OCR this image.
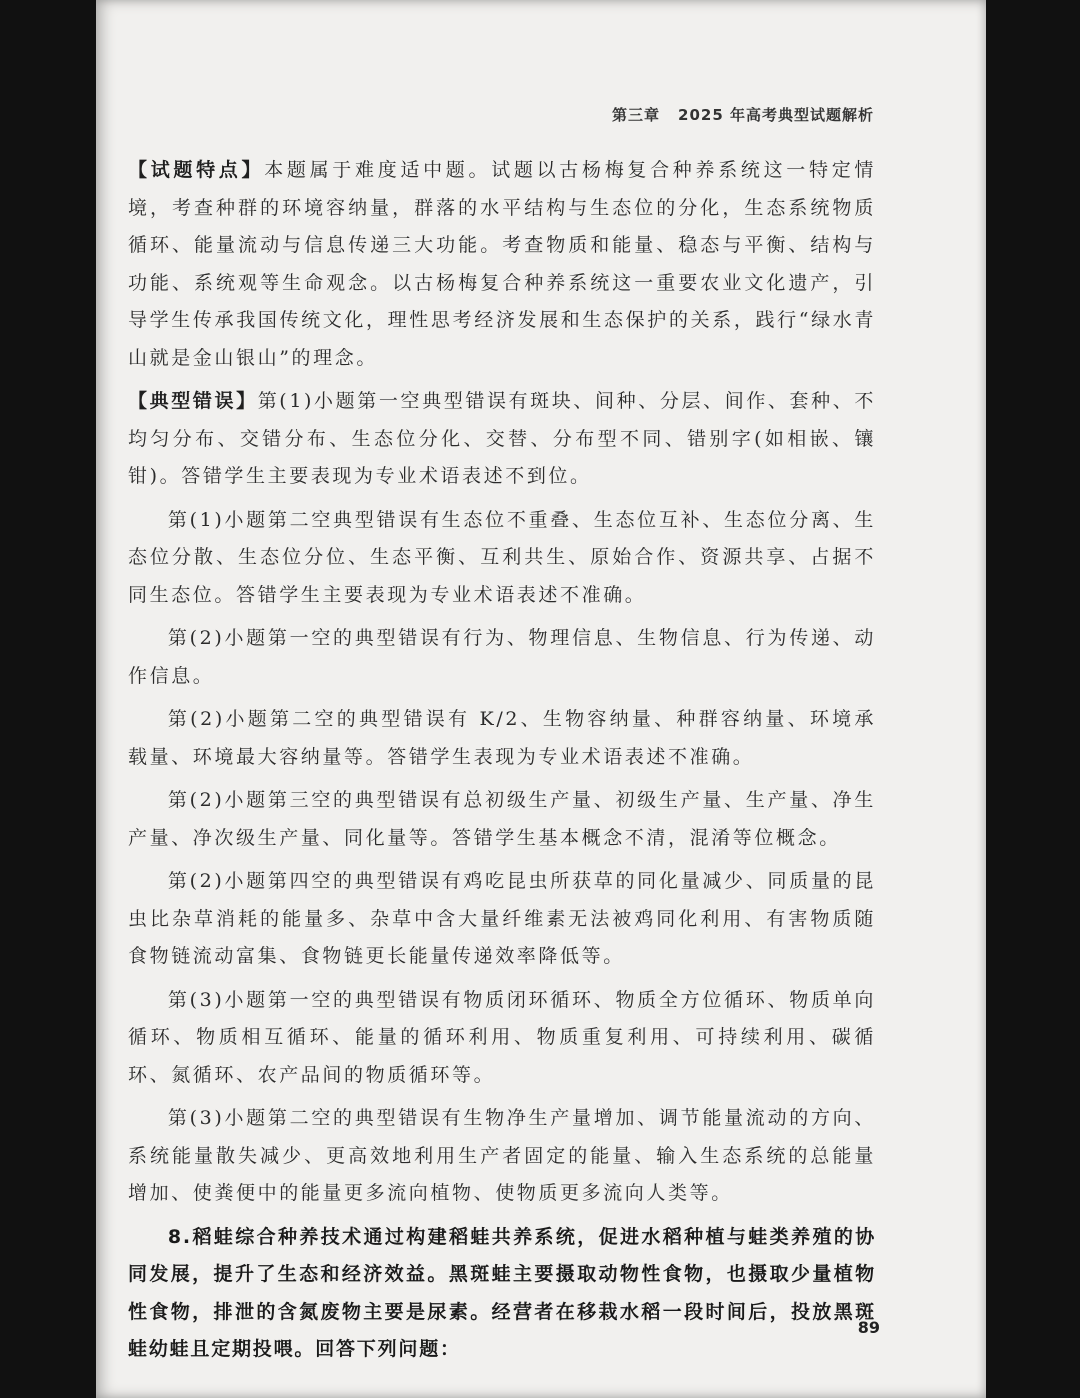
第三章 2025 年高考典型试题解析

【试题特点】本题属于难度适中题。试题以古杨梅复合种养系统这一特定情境，考查种群的环境容纳量，群落的水平结构与生态位的分化，生态系统物质循环、能量流动与信息传递三大功能。考查物质和能量、稳态与平衡、结构与功能、系统观等生命观念。以古杨梅复合种养系统这一重要农业文化遗产，引导学生传承我国传统文化，理性思考经济发展和生态保护的关系，践行“绿水青山就是金山银山”的理念。

【典型错误】第(1)小题第一空典型错误有斑块、间种、分层、间作、套种、不均匀分布、交错分布、生态位分化、交替、分布型不同、错别字(如相嵌、镶钳)。答错学生主要表现为专业术语表述不到位。

第(1)小题第二空典型错误有生态位不重叠、生态位互补、生态位分离、生态位分散、生态位分位、生态平衡、互利共生、原始合作、资源共享、占据不同生态位。答错学生主要表现为专业术语表述不准确。

第(2)小题第一空的典型错误有行为、物理信息、生物信息、行为传递、动作信息。

第(2)小题第二空的典型错误有 K/2、生物容纳量、种群容纳量、环境承载量、环境最大容纳量等。答错学生表现为专业术语表述不准确。

第(2)小题第三空的典型错误有总初级生产量、初级生产量、生产量、净生产量、净次级生产量、同化量等。答错学生基本概念不清，混淆等位概念。

第(2)小题第四空的典型错误有鸡吃昆虫所获草的同化量减少、同质量的昆虫比杂草消耗的能量多、杂草中含大量纤维素无法被鸡同化利用、有害物质随食物链流动富集、食物链更长能量传递效率降低等。

第(3)小题第一空的典型错误有物质闭环循环、物质全方位循环、物质单向循环、物质相互循环、能量的循环利用、物质重复利用、可持续利用、碳循环、氮循环、农产品间的物质循环等。

第(3)小题第二空的典型错误有生物净生产量增加、调节能量流动的方向、系统能量散失减少、更高效地利用生产者固定的能量、输入生态系统的总能量增加、使粪便中的能量更多流向植物、使物质更多流向人类等。

8.稻蛙综合种养技术通过构建稻蛙共养系统，促进水稻种植与蛙类养殖的协同发展，提升了生态和经济效益。黑斑蛙主要摄取动物性食物，也摄取少量植物性食物，排泄的含氮废物主要是尿素。经营者在移栽水稻一段时间后，投放黑斑蛙幼蛙且定期投喂。回答下列问题：

89
